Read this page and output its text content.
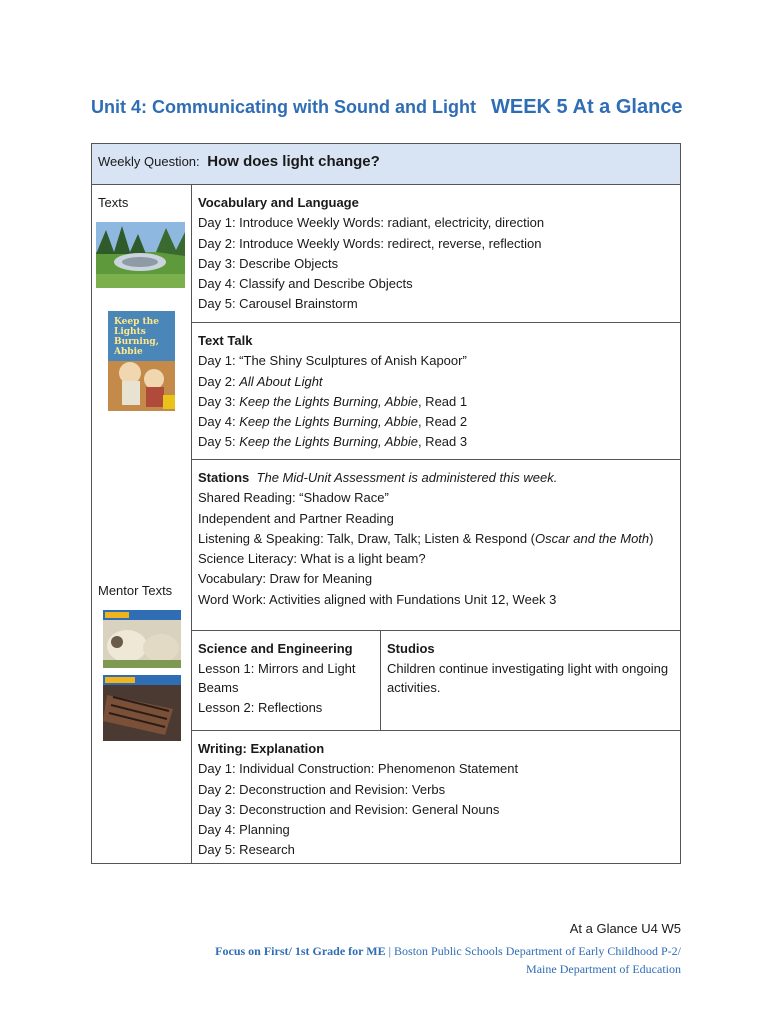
Unit 4: Communicating with Sound and Light WEEK 5 At a Glance
Weekly Question: How does light change?
Texts
Keep the Lights Burning, Abbie
Mentor Texts
Vocabulary and Language
Day 1: Introduce Weekly Words: radiant, electricity, direction
Day 2: Introduce Weekly Words: redirect, reverse, reflection
Day 3: Describe Objects
Day 4: Classify and Describe Objects
Day 5: Carousel Brainstorm
Text Talk
Day 1: “The Shiny Sculptures of Anish Kapoor”
Day 2: All About Light
Day 3: Keep the Lights Burning, Abbie, Read 1
Day 4: Keep the Lights Burning, Abbie, Read 2
Day 5: Keep the Lights Burning, Abbie, Read 3
Stations The Mid-Unit Assessment is administered this week.
Shared Reading: “Shadow Race”
Independent and Partner Reading
Listening & Speaking: Talk, Draw, Talk; Listen & Respond (Oscar and the Moth)
Science Literacy: What is a light beam?
Vocabulary: Draw for Meaning
Word Work: Activities aligned with Fundations Unit 12, Week 3
Science and Engineering
Lesson 1: Mirrors and Light Beams
Lesson 2: Reflections
Studios
Children continue investigating light with ongoing activities.
Writing: Explanation
Day 1: Individual Construction: Phenomenon Statement
Day 2: Deconstruction and Revision: Verbs
Day 3: Deconstruction and Revision: General Nouns
Day 4: Planning
Day 5: Research
At a Glance U4 W5
Focus on First/ 1st Grade for ME | Boston Public Schools Department of Early Childhood P-2/
Maine Department of Education
